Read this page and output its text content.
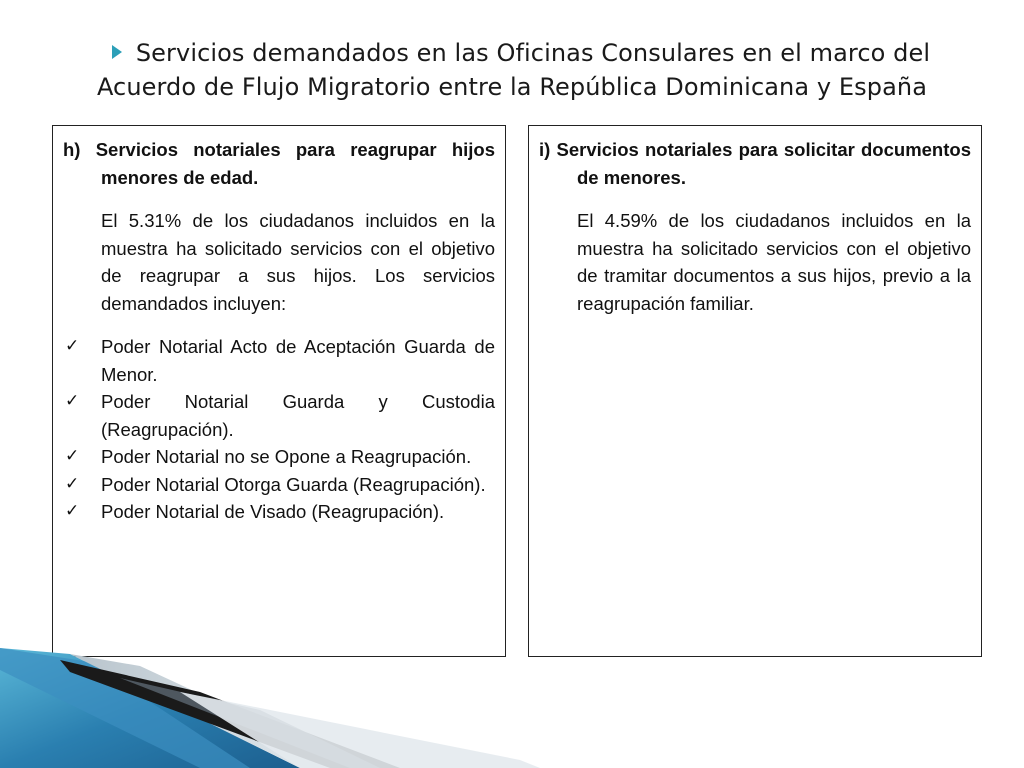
Servicios demandados en las Oficinas Consulares en el marco del
Acuerdo de Flujo Migratorio entre la República Dominicana y España
h) Servicios notariales para reagrupar hijos menores de edad.
El 5.31% de los ciudadanos incluidos en la muestra ha solicitado servicios con el objetivo de reagrupar a sus hijos. Los servicios demandados incluyen:
✓ Poder Notarial Acto de Aceptación Guarda de Menor.
✓ Poder Notarial Guarda y Custodia (Reagrupación).
✓ Poder Notarial no se Opone a Reagrupación.
✓ Poder Notarial Otorga Guarda (Reagrupación).
✓ Poder Notarial de Visado (Reagrupación).
i) Servicios notariales para solicitar documentos de menores.
El 4.59% de los ciudadanos incluidos en la muestra ha solicitado servicios con el objetivo de tramitar documentos a sus hijos, previo a la reagrupación familiar.
